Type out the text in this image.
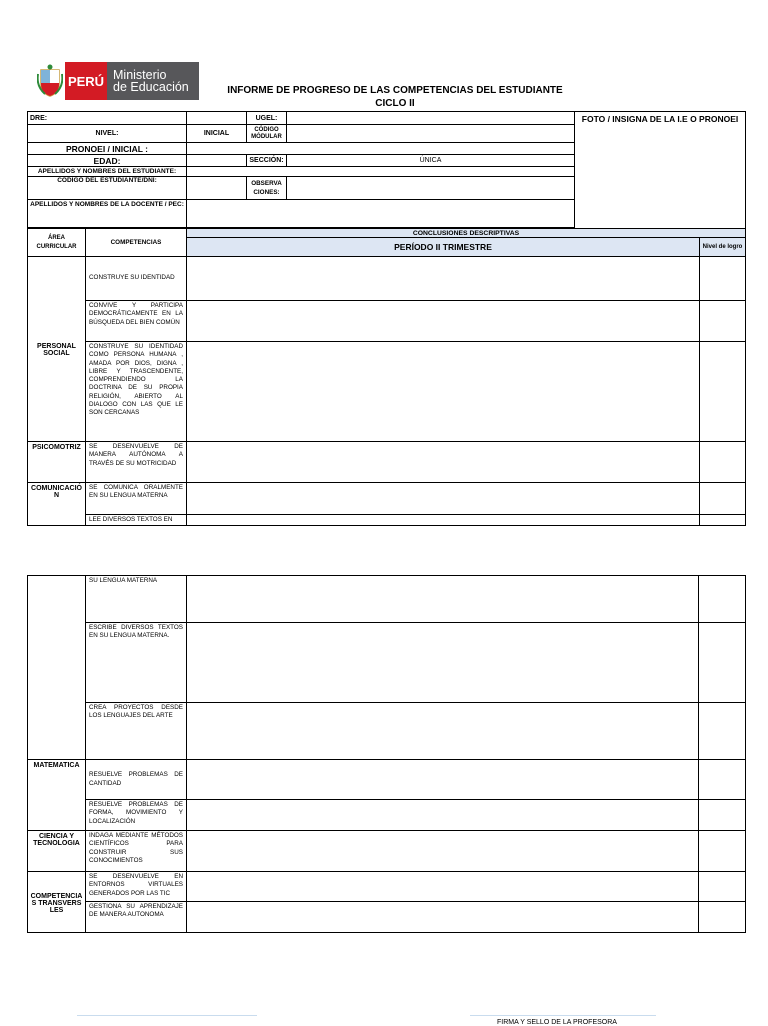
PERÚ Ministerio
de Educación	INFORME DE PROGRESO DE LAS COMPETENCIAS DEL ESTUDIANTE
CICLO II
DRE:			UGEL:		FOTO / INSIGNA DE LA I.E O PRONOEI	
NIVEL:		INICIAL	CÓDIGO MÓDULAR			
PRONOEI / INICIAL :						
EDAD:			SECCIÓN:	ÚNICA		
APELLIDOS Y NOMBRES DEL ESTUDIANTE:						
CÓDIGO DEL ESTUDIANTE/DNI:			OBSERVA CIONES:			

APELLIDOS Y NOMBRES DE LA DOCENTE / PEC:						

ÁREA CURRICULAR	COMPETENCIAS	CONCLUSIONES DESCRIPTIVAS				
		PERÍODO II TRIMESTRE				Nivel de logro
PERSONAL SOCIAL	CONSTRUYE SU IDENTIDAD					
	CONVIVE Y PARTICIPA DEMOCRÁTICAMENTE EN LA BÚSQUEDA DEL BIEN COMÚN					
	CONSTRUYE SU IDENTIDAD COMO PERSONA HUMANA , AMADA POR DIOS, DIGNA , LIBRE Y TRASCENDENTE, COMPRENDIENDO LA DOCTRINA DE SU PROPIA RELIGIÓN, ABIERTO AL DIALOGO CON LAS QUE LE SON CERCANAS					
PSICOMOTRIZ	SE DESENVUELVE DE MANERA AUTÓNOMA A TRAVÉS DE SU MOTRICIDAD					
COMUNICACIÓN	SE COMUNICA ORALMENTE EN SU LENGUA MATERNA					
	LEE DIVERSOS TEXTOS EN					
	SU LENGUA MATERNA		
	ESCRIBE DIVERSOS TEXTOS EN SU LENGUA MATERNA.		
	CREA PROYECTOS DESDE LOS LENGUAJES DEL ARTE		
MATEMATICA	RESUELVE PROBLEMAS DE CANTIDAD		
	RESUELVE PROBLEMAS DE FORMA, MOVIMIENTO Y LOCALIZACIÓN		
CIENCIA Y TECNOLOGIA	INDAGA MEDIANTE MÉTODOS CIENTÍFICOS PARA CONSTRUIR SUS CONOCIMIENTOS		
COMPETENCIAS TRANSVERSLES	SE DESENVUELVE EN ENTORNOS VIRTUALES GENERADOS POR LAS TIC		
	GESTIONA SU APRENDIZAJE DE MANERA AUTONOMA		
FIRMA Y SELLO DE LA PROFESORA
